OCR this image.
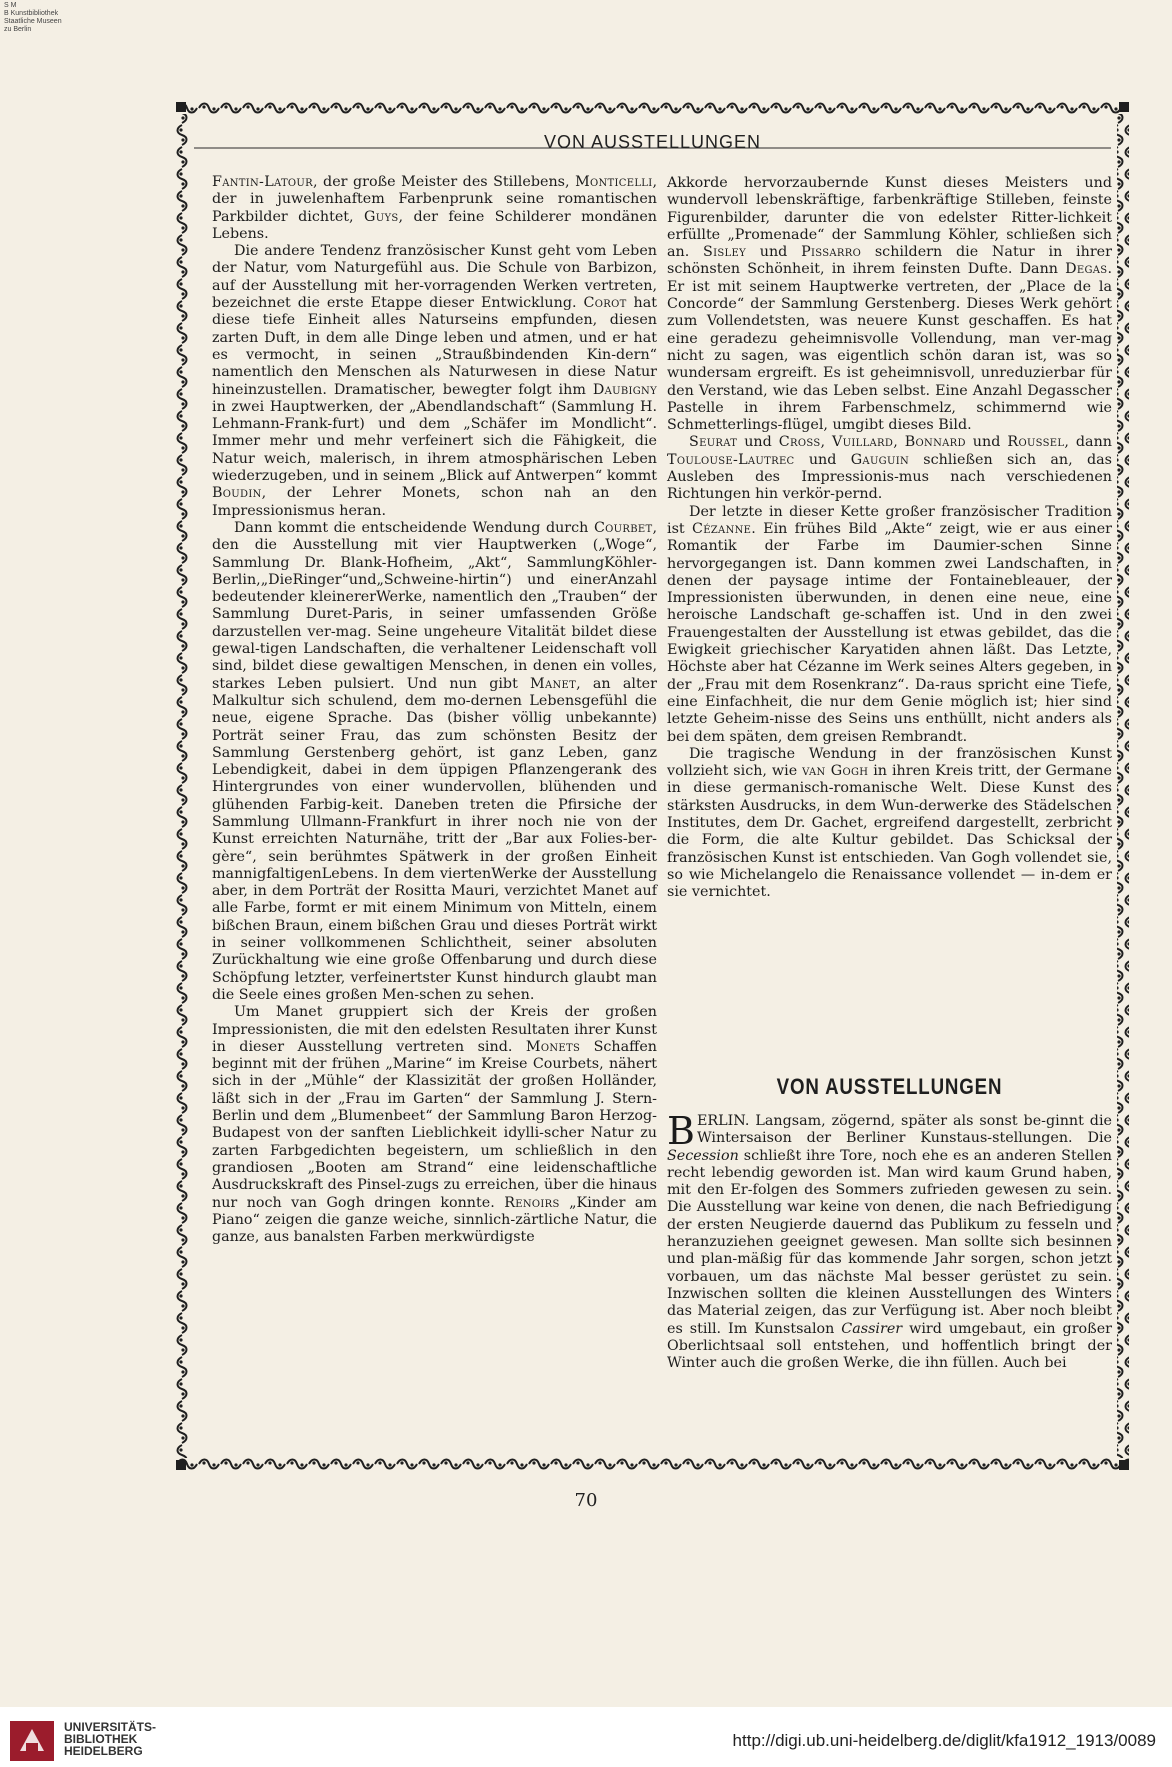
S M
B Kunstbibliothek
Staatliche Museen
zu Berlin
VON AUSSTELLUNGEN

Fantin-Latour, der große Meister des Stillebens, Monticelli, der in juwelenhaftem Farbenprunk seine romantischen Parkbilder dichtet, Guys, der feine Schilderer mondänen Lebens.

Die andere Tendenz französischer Kunst geht vom Leben der Natur, vom Naturgefühl aus. Die Schule von Barbizon, auf der Ausstellung mit her-vorragenden Werken vertreten, bezeichnet die erste Etappe dieser Entwicklung. Corot hat diese tiefe Einheit alles Naturseins empfunden, diesen zarten Duft, in dem alle Dinge leben und atmen, und er hat es vermocht, in seinen „Straußbindenden Kin-dern“ namentlich den Menschen als Naturwesen in diese Natur hineinzustellen. Dramatischer, bewegter folgt ihm Daubigny in zwei Hauptwerken, der „Abendlandschaft“ (Sammlung H. Lehmann-Frank-furt) und dem „Schäfer im Mondlicht“. Immer mehr und mehr verfeinert sich die Fähigkeit, die Natur weich, malerisch, in ihrem atmosphärischen Leben wiederzugeben, und in seinem „Blick auf Antwerpen“ kommt Boudin, der Lehrer Monets, schon nah an den Impressionismus heran.

Dann kommt die entscheidende Wendung durch Courbet, den die Ausstellung mit vier Hauptwerken („Woge“, Sammlung Dr. Blank-Hofheim, „Akt“, SammlungKöhler-Berlin,„DieRinger“und„Schweine-hirtin“) und einerAnzahl bedeutender kleinererWerke, namentlich den „Trauben“ der Sammlung Duret-Paris, in seiner umfassenden Größe darzustellen ver-mag. Seine ungeheure Vitalität bildet diese gewal-tigen Landschaften, die verhaltener Leidenschaft voll sind, bildet diese gewaltigen Menschen, in denen ein volles, starkes Leben pulsiert. Und nun gibt Manet, an alter Malkultur sich schulend, dem mo-dernen Lebensgefühl die neue, eigene Sprache. Das (bisher völlig unbekannte) Porträt seiner Frau, das zum schönsten Besitz der Sammlung Gerstenberg gehört, ist ganz Leben, ganz Lebendigkeit, dabei in dem üppigen Pflanzengerank des Hintergrundes von einer wundervollen, blühenden und glühenden Farbig-keit. Daneben treten die Pfirsiche der Sammlung Ullmann-Frankfurt in ihrer noch nie von der Kunst erreichten Naturnähe, tritt der „Bar aux Folies-ber-gère“, sein berühmtes Spätwerk in der großen Einheit mannigfaltigenLebens. In dem viertenWerke der Ausstellung aber, in dem Porträt der Rositta Mauri, verzichtet Manet auf alle Farbe, formt er mit einem Minimum von Mitteln, einem bißchen Braun, einem bißchen Grau und dieses Porträt wirkt in seiner vollkommenen Schlichtheit, seiner absoluten Zurückhaltung wie eine große Offenbarung und durch diese Schöpfung letzter, verfeinertster Kunst hindurch glaubt man die Seele eines großen Men-schen zu sehen.

Um Manet gruppiert sich der Kreis der großen Impressionisten, die mit den edelsten Resultaten ihrer Kunst in dieser Ausstellung vertreten sind. Monets Schaffen beginnt mit der frühen „Marine“ im Kreise Courbets, nähert sich in der „Mühle“ der Klassizität der großen Holländer, läßt sich in der „Frau im Garten“ der Sammlung J. Stern-Berlin und dem „Blumenbeet“ der Sammlung Baron Herzog-Budapest von der sanften Lieblichkeit idylli-scher Natur zu zarten Farbgedichten begeistern, um schließlich in den grandiosen „Booten am Strand“ eine leidenschaftliche Ausdruckskraft des Pinsel-zugs zu erreichen, über die hinaus nur noch van Gogh dringen konnte. Renoirs „Kinder am Piano“ zeigen die ganze weiche, sinnlich-zärtliche Natur, die ganze, aus banalsten Farben merkwürdigste

Akkorde hervorzaubernde Kunst dieses Meisters und wundervoll lebenskräftige, farbenkräftige Stilleben, feinste Figurenbilder, darunter die von edelster Ritter-lichkeit erfüllte „Promenade“ der Sammlung Köhler, schließen sich an. Sisley und Pissarro schildern die Natur in ihrer schönsten Schönheit, in ihrem feinsten Dufte. Dann Degas. Er ist mit seinem Hauptwerke vertreten, der „Place de la Concorde“ der Sammlung Gerstenberg. Dieses Werk gehört zum Vollendetsten, was neuere Kunst geschaffen. Es hat eine geradezu geheimnisvolle Vollendung, man ver-mag nicht zu sagen, was eigentlich schön daran ist, was so wundersam ergreift. Es ist geheimnisvoll, unreduzierbar für den Verstand, wie das Leben selbst. Eine Anzahl Degasscher Pastelle in ihrem Farbenschmelz, schimmernd wie Schmetterlings-flügel, umgibt dieses Bild.

Seurat und Cross, Vuillard, Bonnard und Roussel, dann Toulouse-Lautrec und Gauguin schließen sich an, das Ausleben des Impressionis-mus nach verschiedenen Richtungen hin verkör-pernd.

Der letzte in dieser Kette großer französischer Tradition ist Cézanne. Ein frühes Bild „Akte“ zeigt, wie er aus einer Romantik der Farbe im Daumier-schen Sinne hervorgegangen ist. Dann kommen zwei Landschaften, in denen der paysage intime der Fontainebleauer, der Impressionisten überwunden, in denen eine neue, eine heroische Landschaft ge-schaffen ist. Und in den zwei Frauengestalten der Ausstellung ist etwas gebildet, das die Ewigkeit griechischer Karyatiden ahnen läßt. Das Letzte, Höchste aber hat Cézanne im Werk seines Alters gegeben, in der „Frau mit dem Rosenkranz“. Da-raus spricht eine Tiefe, eine Einfachheit, die nur dem Genie möglich ist; hier sind letzte Geheim-nisse des Seins uns enthüllt, nicht anders als bei dem späten, dem greisen Rembrandt.

Die tragische Wendung in der französischen Kunst vollzieht sich, wie van Gogh in ihren Kreis tritt, der Germane in diese germanisch-romanische Welt. Diese Kunst des stärksten Ausdrucks, in dem Wun-derwerke des Städelschen Institutes, dem Dr. Gachet, ergreifend dargestellt, zerbricht die Form, die alte Kultur gebildet. Das Schicksal der französischen Kunst ist entschieden. Van Gogh vollendet sie, so wie Michelangelo die Renaissance vollendet — in-dem er sie vernichtet.

VON AUSSTELLUNGEN

BERLIN. Langsam, zögernd, später als sonst be-ginnt die Wintersaison der Berliner Kunstaus-stellungen. Die Secession schließt ihre Tore, noch ehe es an anderen Stellen recht lebendig geworden ist. Man wird kaum Grund haben, mit den Er-folgen des Sommers zufrieden gewesen zu sein. Die Ausstellung war keine von denen, die nach Befriedigung der ersten Neugierde dauernd das Publikum zu fesseln und heranzuziehen geeignet gewesen. Man sollte sich besinnen und plan-mäßig für das kommende Jahr sorgen, schon jetzt vorbauen, um das nächste Mal besser gerüstet zu sein. Inzwischen sollten die kleinen Ausstellungen des Winters das Material zeigen, das zur Verfügung ist. Aber noch bleibt es still. Im Kunstsalon Cassirer wird umgebaut, ein großer Oberlichtsaal soll entstehen, und hoffentlich bringt der Winter auch die großen Werke, die ihn füllen. Auch bei

70
UNIVERSITÄTS-
BIBLIOTHEK
HEIDELBERG
http://digi.ub.uni-heidelberg.de/diglit/kfa1912_1913/0089
